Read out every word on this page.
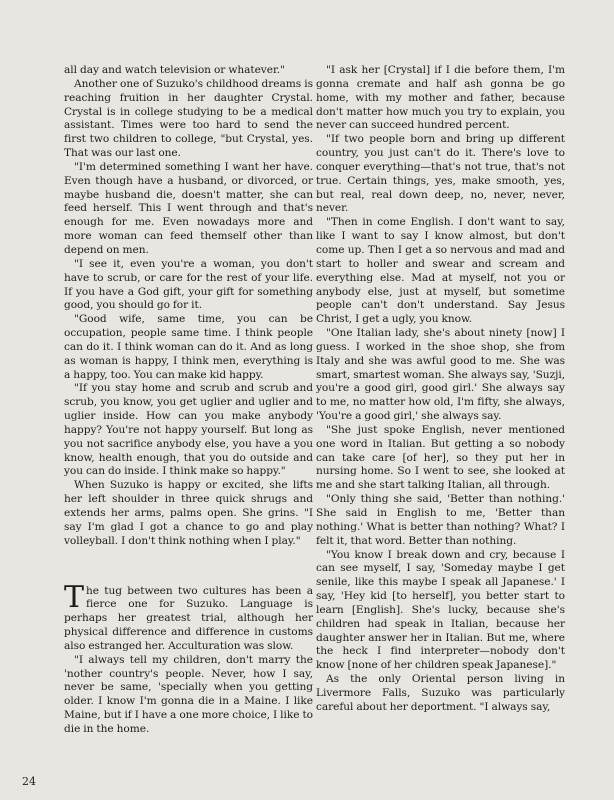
all day and watch television or whatever."

Another one of Suzuko's childhood dreams is reaching fruition in her daughter Crystal. Crystal is in college studying to be a medical assistant. Times were too hard to send the first two children to college, "but Crystal, yes. That was our last one.

"I'm determined something I want her have. Even though have a husband, or divorced, or maybe husband die, doesn't matter, she can feed herself. This I went through and that's enough for me. Even nowadays more and more woman can feed themself other than depend on men.

"I see it, even you're a woman, you don't have to scrub, or care for the rest of your life. If you have a God gift, your gift for something good, you should go for it.

"Good wife, same time, you can be occupation, people same time. I think people can do it. I think woman can do it. And as long as woman is happy, I think men, everything is a happy, too. You can make kid happy.

"If you stay home and scrub and scrub and scrub, you know, you get uglier and uglier and uglier inside. How can you make anybody happy? You're not happy yourself. But long as you not sacrifice anybody else, you have a you know, health enough, that you do outside and you can do inside. I think make so happy."

When Suzuko is happy or excited, she lifts her left shoulder in three quick shrugs and extends her arms, palms open. She grins. "I say I'm glad I got a chance to go and play volleyball. I don't think nothing when I play."

The tug between two cultures has been a fierce one for Suzuko. Language is perhaps her greatest trial, although her physical difference and difference in customs also estranged her. Acculturation was slow.

"I always tell my children, don't marry the 'nother country's people. Never, how I say, never be same, 'specially when you getting older. I know I'm gonna die in a Maine. I like Maine, but if I have a one more choice, I like to die in the home.

"I ask her [Crystal] if I die before them, I'm gonna cremate and half ash gonna be go home, with my mother and father, because don't matter how much you try to explain, you never can succeed hundred percent.

"If two people born and bring up different country, you just can't do it. There's love to conquer everything—that's not true, that's not true. Certain things, yes, make smooth, yes, but real, real down deep, no, never, never, never.

"Then in come English. I don't want to say, like I want to say I know almost, but don't come up. Then I get a so nervous and mad and start to holler and swear and scream and everything else. Mad at myself, not you or anybody else, just at myself, but sometime people can't don't understand. Say Jesus Christ, I get a ugly, you know.

"One Italian lady, she's about ninety [now] I guess. I worked in the shoe shop, she from Italy and she was awful good to me. She was smart, smartest woman. She always say, 'Suzji, you're a good girl, good girl.' She always say to me, no matter how old, I'm fifty, she always, 'You're a good girl,' she always say.

"She just spoke English, never mentioned one word in Italian. But getting a so nobody can take care [of her], so they put her in nursing home. So I went to see, she looked at me and she start talking Italian, all through.

"Only thing she said, 'Better than nothing.' She said in English to me, 'Better than nothing.' What is better than nothing? What? I felt it, that word. Better than nothing.

"You know I break down and cry, because I can see myself, I say, 'Someday maybe I get senile, like this maybe I speak all Japanese.' I say, 'Hey kid [to herself], you better start to learn [English]. She's lucky, because she's children had speak in Italian, because her daughter answer her in Italian. But me, where the heck I find interpreter—nobody don't know [none of her children speak Japanese]."

As the only Oriental person living in Livermore Falls, Suzuko was particularly careful about her deportment. "I always say,

24
